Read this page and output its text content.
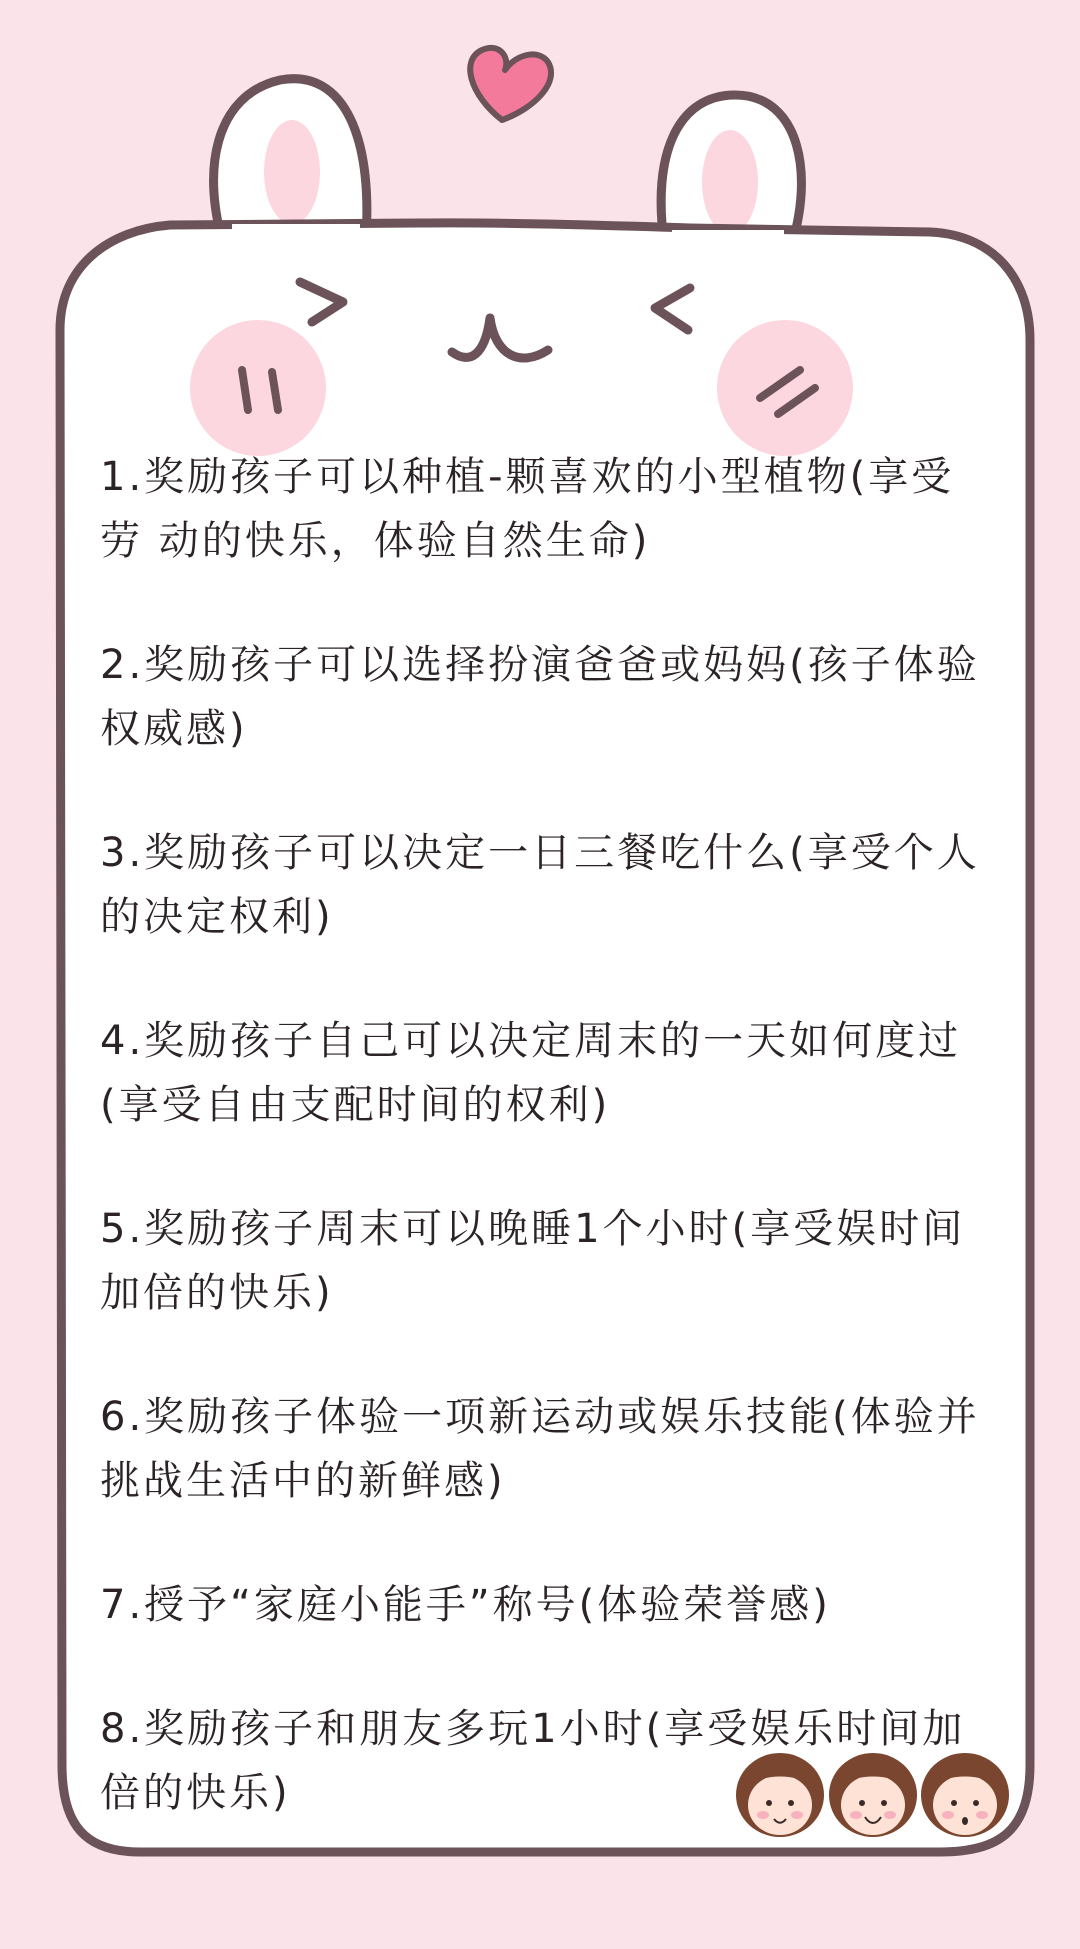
1.奖励孩子可以种植-颗喜欢的小型植物(享受劳 动的快乐，体验自然生命)

2.奖励孩子可以选择扮演爸爸或妈妈(孩子体验权威感)

3.奖励孩子可以决定一日三餐吃什么(享受个人的决定权利)

4.奖励孩子自己可以决定周末的一天如何度过(享受自由支配时间的权利)

5.奖励孩子周末可以晚睡1个小时(享受娱时间加倍的快乐)

6.奖励孩子体验一项新运动或娱乐技能(体验并挑战生活中的新鲜感)

7.授予“家庭小能手”称号(体验荣誉感)

8.奖励孩子和朋友多玩1小时(享受娱乐时间加倍的快乐)
